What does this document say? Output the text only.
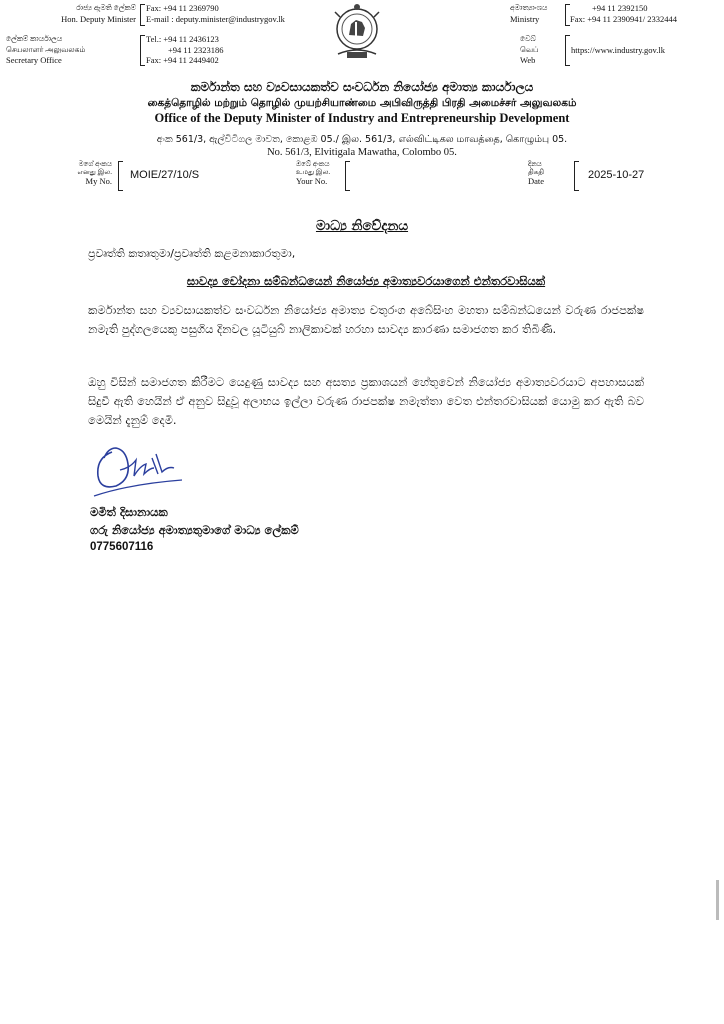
රාජ්‍ය ඇමති ලේකම්
Hon. Deputy Minister
Fax: +94 11 2369790
E-mail : deputy.minister@industrygov.lk
ලේකම් කාර්යාලය
செயலாளர் அலுவலகம்
Secretary Office
Tel.: +94 11 2436123
+94 11 2323186
Fax: +94 11 2449402
අමාත්‍යාංශය
Ministry
+94 11 2392150
Fax: +94 11 2390941/ 2332444
වෙබ්
வெப்
Web
https://www.industry.gov.lk
කර්මාන්ත සහ ව්‍යවසායකත්ව සංවර්ධන නියෝජ්‍ය අමාත්‍ය කාර්යාලය
கைத்தொழில் மற்றும் தொழில் முயற்சியாண்மை அபிவிருத்தி பிரதி அமைச்சர் அலுவலகம்
Office of the Deputy Minister of Industry and Entrepreneurship Development
අංක 561/3, ඇල්විටිගල මාවත, කොළඹ 05./ இல. 561/3, எல்விட்டிகல மாவத்தை, கொழும்பு 05.
No. 561/3, Elvitigala Mawatha, Colombo 05.
මගේ අංකය
எனது இல.
My No. MOIE/27/10/S
ඔබේ අංකය
உமது இல.
Your No.
දිනය
திகதி
Date	2025-10-27
මාධ්‍ය නිවේදනය
ප්‍රවෘත්ති කතෘතුමා/ප්‍රවෘත්ති කළමනාකාරතුමා,
සාවද්‍ය චෝදනා සම්බන්ධයෙන් නියෝජ්‍ය අමාත්‍යවරයාගෙන් එන්තරවාසියක්
කර්මාන්ත සහ ව්‍යවසායකත්ව සංවර්ධන නියෝජ්‍ය අමාත්‍ය චතුරංග අබේසිංහ මහතා සම්බන්ධයෙන් වරුණ රාජපක්ෂ නමැති පුද්ගලයෙකු පසුගිය දිනවල යූටියුබ් නාලිකාවක් හරහා සාවද්‍ය කාරණා සමාජගත කර තිබිණි.
ඔහු විසින් සමාජගත කිරීමට යෙදුණු සාවද්‍ය සහ අසත්‍ය ප්‍රකාශයන් හේතුවෙන් නියෝජ්‍ය අමාත්‍යවරයාට අපහාසයක් සිදුවී ඇති හෙයින් ඒ අනුව සිදුවූ අලාභය ඉල්ලා වරුණ රාජපක්ෂ නමැත්තා වෙත එන්තරවාසියක් යොමු කර ඇති බව මෙයින් දැනුම් දෙමි.
මමිත් දිසානායක
ගරු නියෝජ්‍ය අමාත්‍යතුමාගේ මාධ්‍ය ලේකම්
0775607116
